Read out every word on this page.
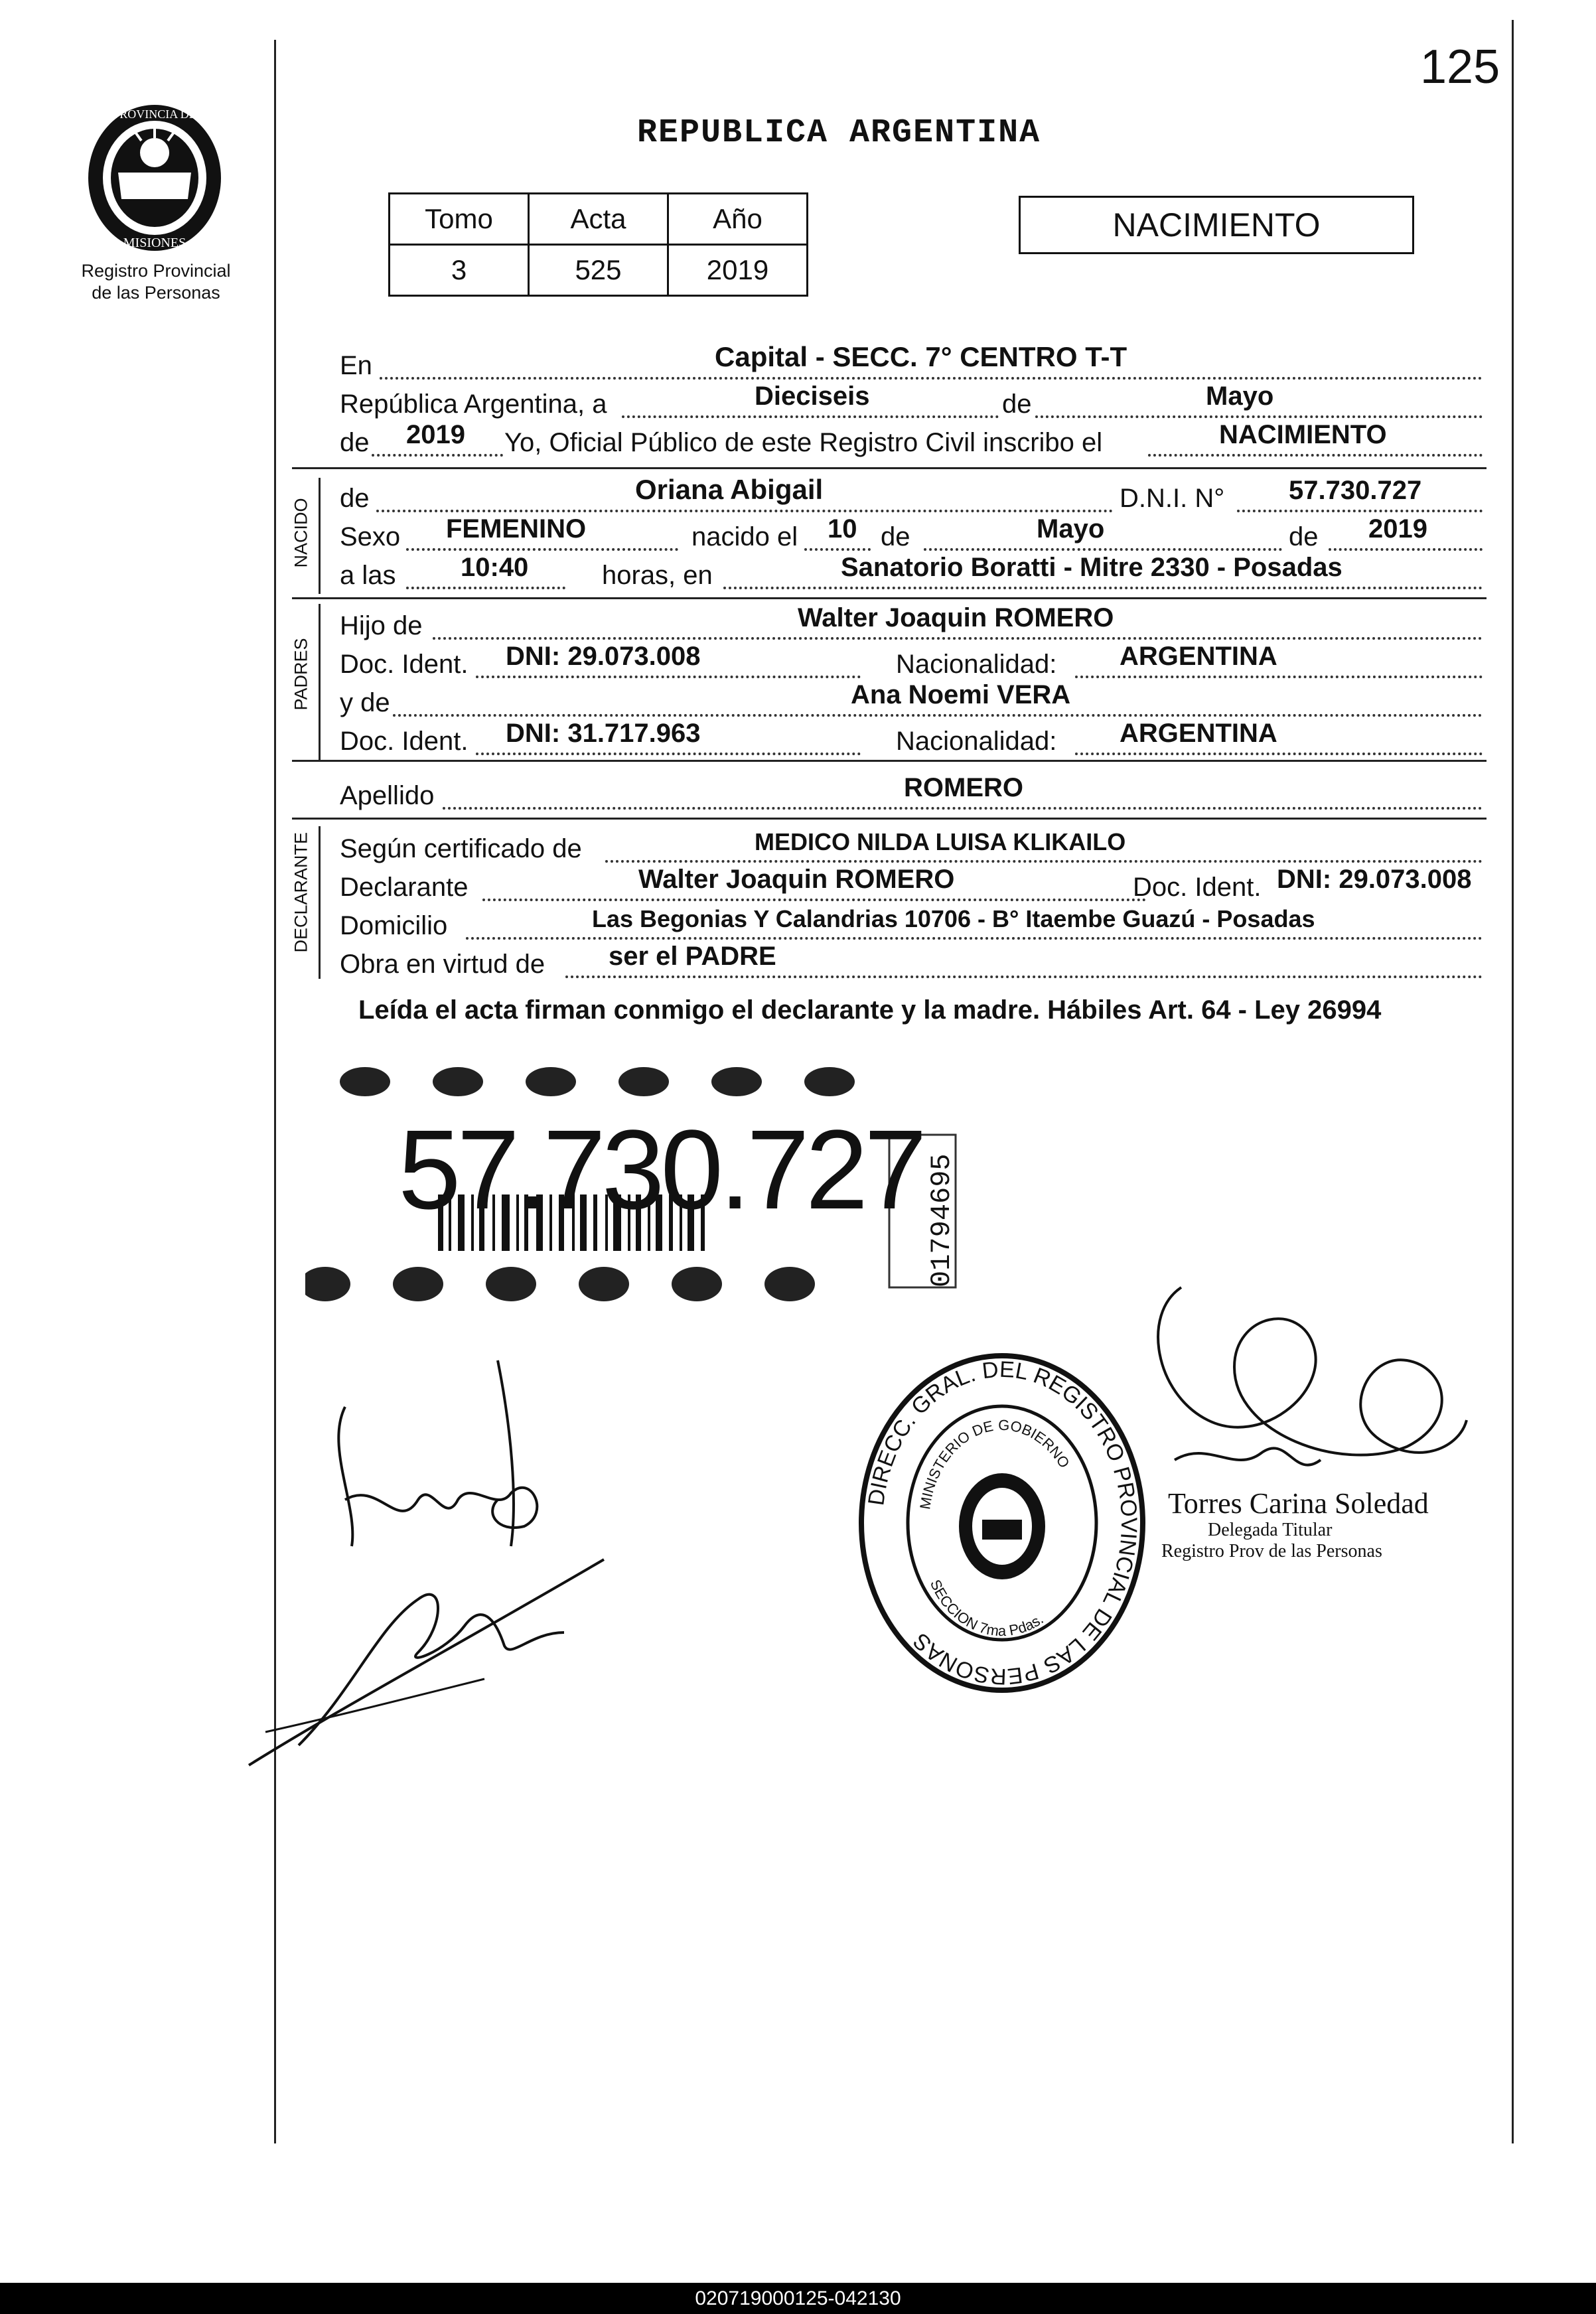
125
PROVINCIA DE
MISIONES
Registro Provincial
de las Personas
REPUBLICA ARGENTINA
Tomo	Acta	Año
3	525	2019
NACIMIENTO
En	Capital - SECC. 7° CENTRO T-T
República Argentina, a	Dieciseis	de	Mayo
de 2019 Yo, Oficial Público de este Registro Civil inscribo el	NACIMIENTO
NACIDO de	Oriana Abigail	D.N.I. N° 57.730.727
Sexo FEMENINO	nacido el 10 de	Mayo	de 2019
a las 10:40	horas, en	Sanatorio Boratti - Mitre 2330 - Posadas
PADRES
Hijo de	Walter Joaquin ROMERO
Doc. Ident. DNI: 29.073.008	Nacionalidad: ARGENTINA
y de	Ana Noemi VERA
Doc. Ident. DNI: 31.717.963	Nacionalidad: ARGENTINA
Apellido	ROMERO
DECLARANTE Según certificado de	MEDICO NILDA LUISA KLIKAILO
Declarante	Walter Joaquin ROMERO	Doc. Ident. DNI: 29.073.008
Domicilio	Las Begonias Y Calandrias 10706 - B° Itaembe Guazú - Posadas
Obra en virtud de ser el PADRE
Leída el acta firman conmigo el declarante y la madre. Hábiles Art. 64 - Ley 26994
57.730.727 01794695
DIRECC. GRAL. DEL REGISTRO PROVINCIAL DE LAS PERSONAS
MINISTERIO DE GOBIERNO
SECCION 7ma Pdas.
Torres Carina Soledad
Delegada Titular
Registro Prov de las Personas
020719000125-042130
